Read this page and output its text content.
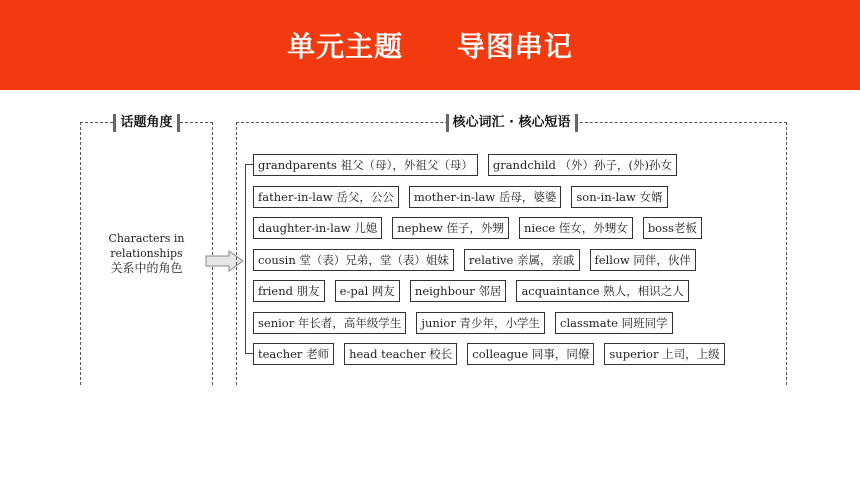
单元主题     导图串记
话题角度
Characters in
relationships
关系中的角色
核心词汇 · 核心短语
grandparents 祖父（母），外祖父（母）	grandchild （外）孙子，(外)孙女
father-in-law 岳父，公公	mother-in-law 岳母，婆婆	son-in-law 女婿
daughter-in-law 儿媳	nephew 侄子，外甥	niece 侄女，外甥女	boss老板
cousin 堂（表）兄弟，堂（表）姐妹	relative 亲属，亲戚	fellow 同伴，伙伴
friend 朋友	e-pal 网友	neighbour 邻居	acquaintance 熟人，相识之人
senior 年长者，高年级学生	junior 青少年，小学生	classmate 同班同学
teacher 老师	head teacher 校长	colleague 同事，同僚	superior 上司，上级
